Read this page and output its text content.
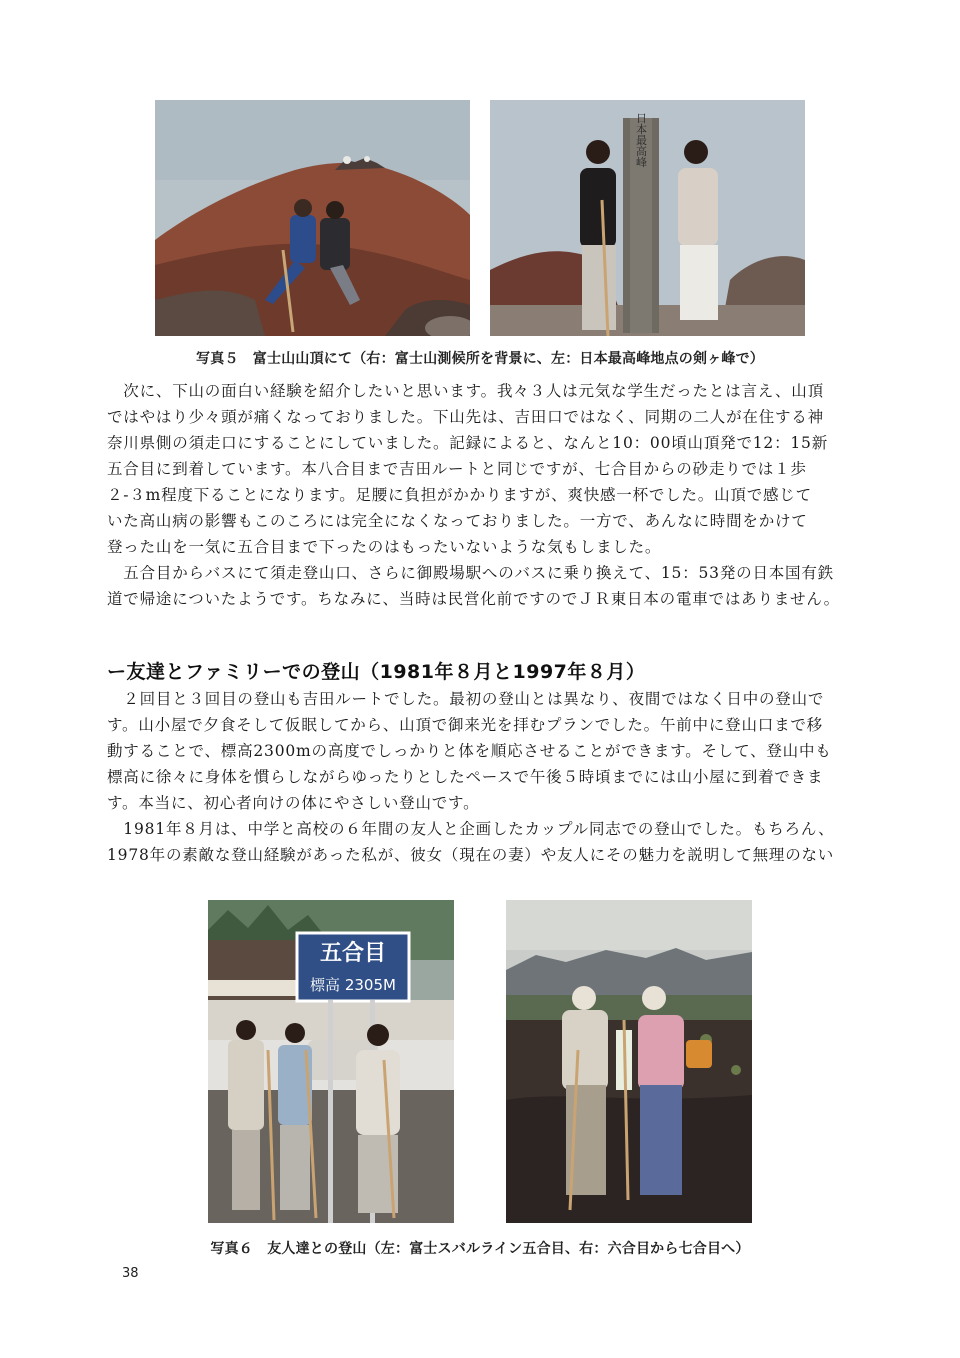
日本最高峰
写真５　富士山山頂にて（右：富士山測候所を背景に、左：日本最高峰地点の剣ヶ峰で）
　次に、下山の面白い経験を紹介したいと思います。我々３人は元気な学生だったとは言え、山頂
ではやはり少々頭が痛くなっておりました。下山先は、吉田口ではなく、同期の二人が在住する神
奈川県側の須走口にすることにしていました。記録によると、なんと10：00頃山頂発で12：15新
五合目に到着しています。本八合目まで吉田ルートと同じですが、七合目からの砂走りでは１歩
２-３m程度下ることになります。足腰に負担がかかりますが、爽快感一杯でした。山頂で感じて
いた高山病の影響もこのころには完全になくなっておりました。一方で、あんなに時間をかけて
登った山を一気に五合目まで下ったのはもったいないような気もしました。
　五合目からバスにて須走登山口、さらに御殿場駅へのバスに乗り換えて、15：53発の日本国有鉄
道で帰途についたようです。ちなみに、当時は民営化前ですのでＪＲ東日本の電車ではありません。
ー友達とファミリーでの登山（1981年８月と1997年８月）
　２回目と３回目の登山も吉田ルートでした。最初の登山とは異なり、夜間ではなく日中の登山で
す。山小屋で夕食そして仮眠してから、山頂で御来光を拝むプランでした。午前中に登山口まで移
動することで、標高2300mの高度でしっかりと体を順応させることができます。そして、登山中も
標高に徐々に身体を慣らしながらゆったりとしたペースで午後５時頃までには山小屋に到着できま
す。本当に、初心者向けの体にやさしい登山です。
　1981年８月は、中学と高校の６年間の友人と企画したカップル同志での登山でした。もちろん、
1978年の素敵な登山経験があった私が、彼女（現在の妻）や友人にその魅力を説明して無理のない
五合目
標高 2305M
写真６　友人達との登山（左：富士スバルライン五合目、右：六合目から七合目へ）
38
